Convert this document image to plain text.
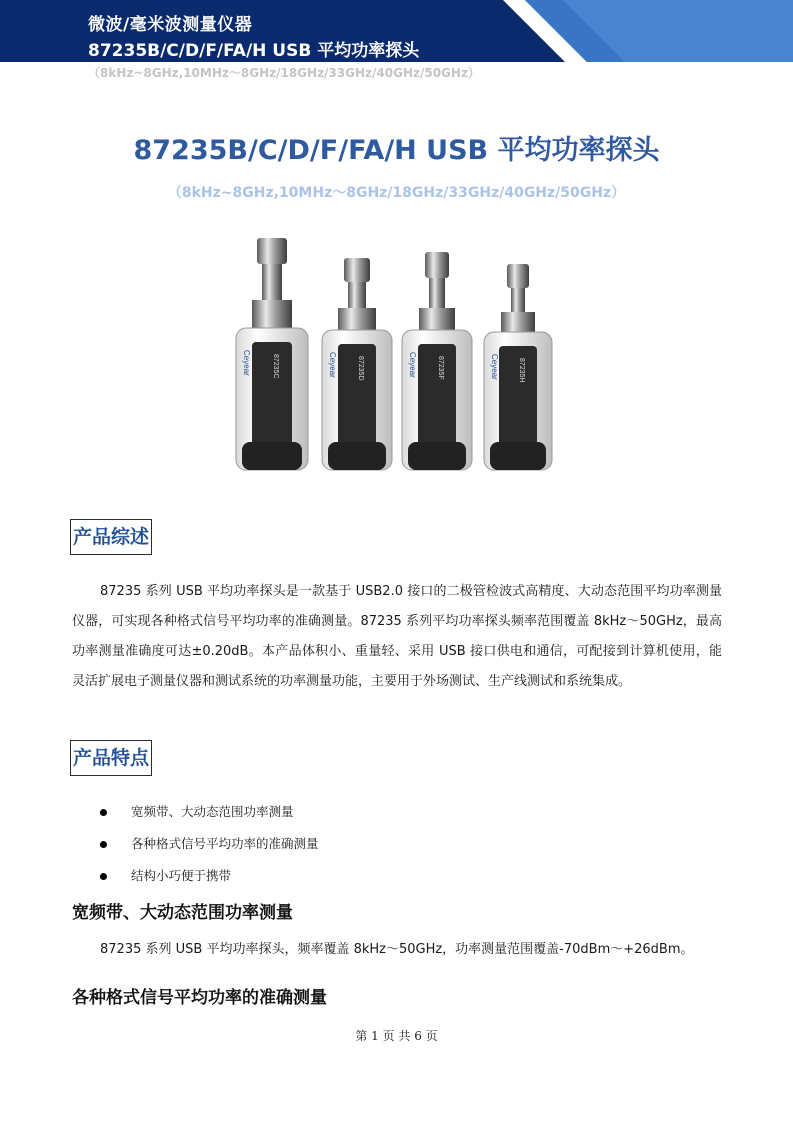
微波/毫米波测量仪器
87235B/C/D/F/FA/H USB 平均功率探头
（8kHz~8GHz,10MHz～8GHz/18GHz/33GHz/40GHz/50GHz）
87235B/C/D/F/FA/H USB 平均功率探头
（8kHz~8GHz,10MHz～8GHz/18GHz/33GHz/40GHz/50GHz）
Ceyear	87235C	Ceyear	87235D	Ceyear	87235F	Ceyear	87235H
产品综述

87235 系列 USB 平均功率探头是一款基于 USB2.0 接口的二极管检波式高精度、大动态范围平均功率测量仪器，可实现各种格式信号平均功率的准确测量。87235 系列平均功率探头频率范围覆盖 8kHz～50GHz，最高功率测量准确度可达±0.20dB。本产品体积小、重量轻、采用 USB 接口供电和通信，可配接到计算机使用，能灵活扩展电子测量仪器和测试系统的功率测量功能，主要用于外场测试、生产线测试和系统集成。

产品特点
宽频带、大动态范围功率测量
各种格式信号平均功率的准确测量
结构小巧便于携带
宽频带、大动态范围功率测量

87235 系列 USB 平均功率探头，频率覆盖 8kHz～50GHz，功率测量范围覆盖-70dBm～+26dBm。

各种格式信号平均功率的准确测量
第 1 页 共 6 页
